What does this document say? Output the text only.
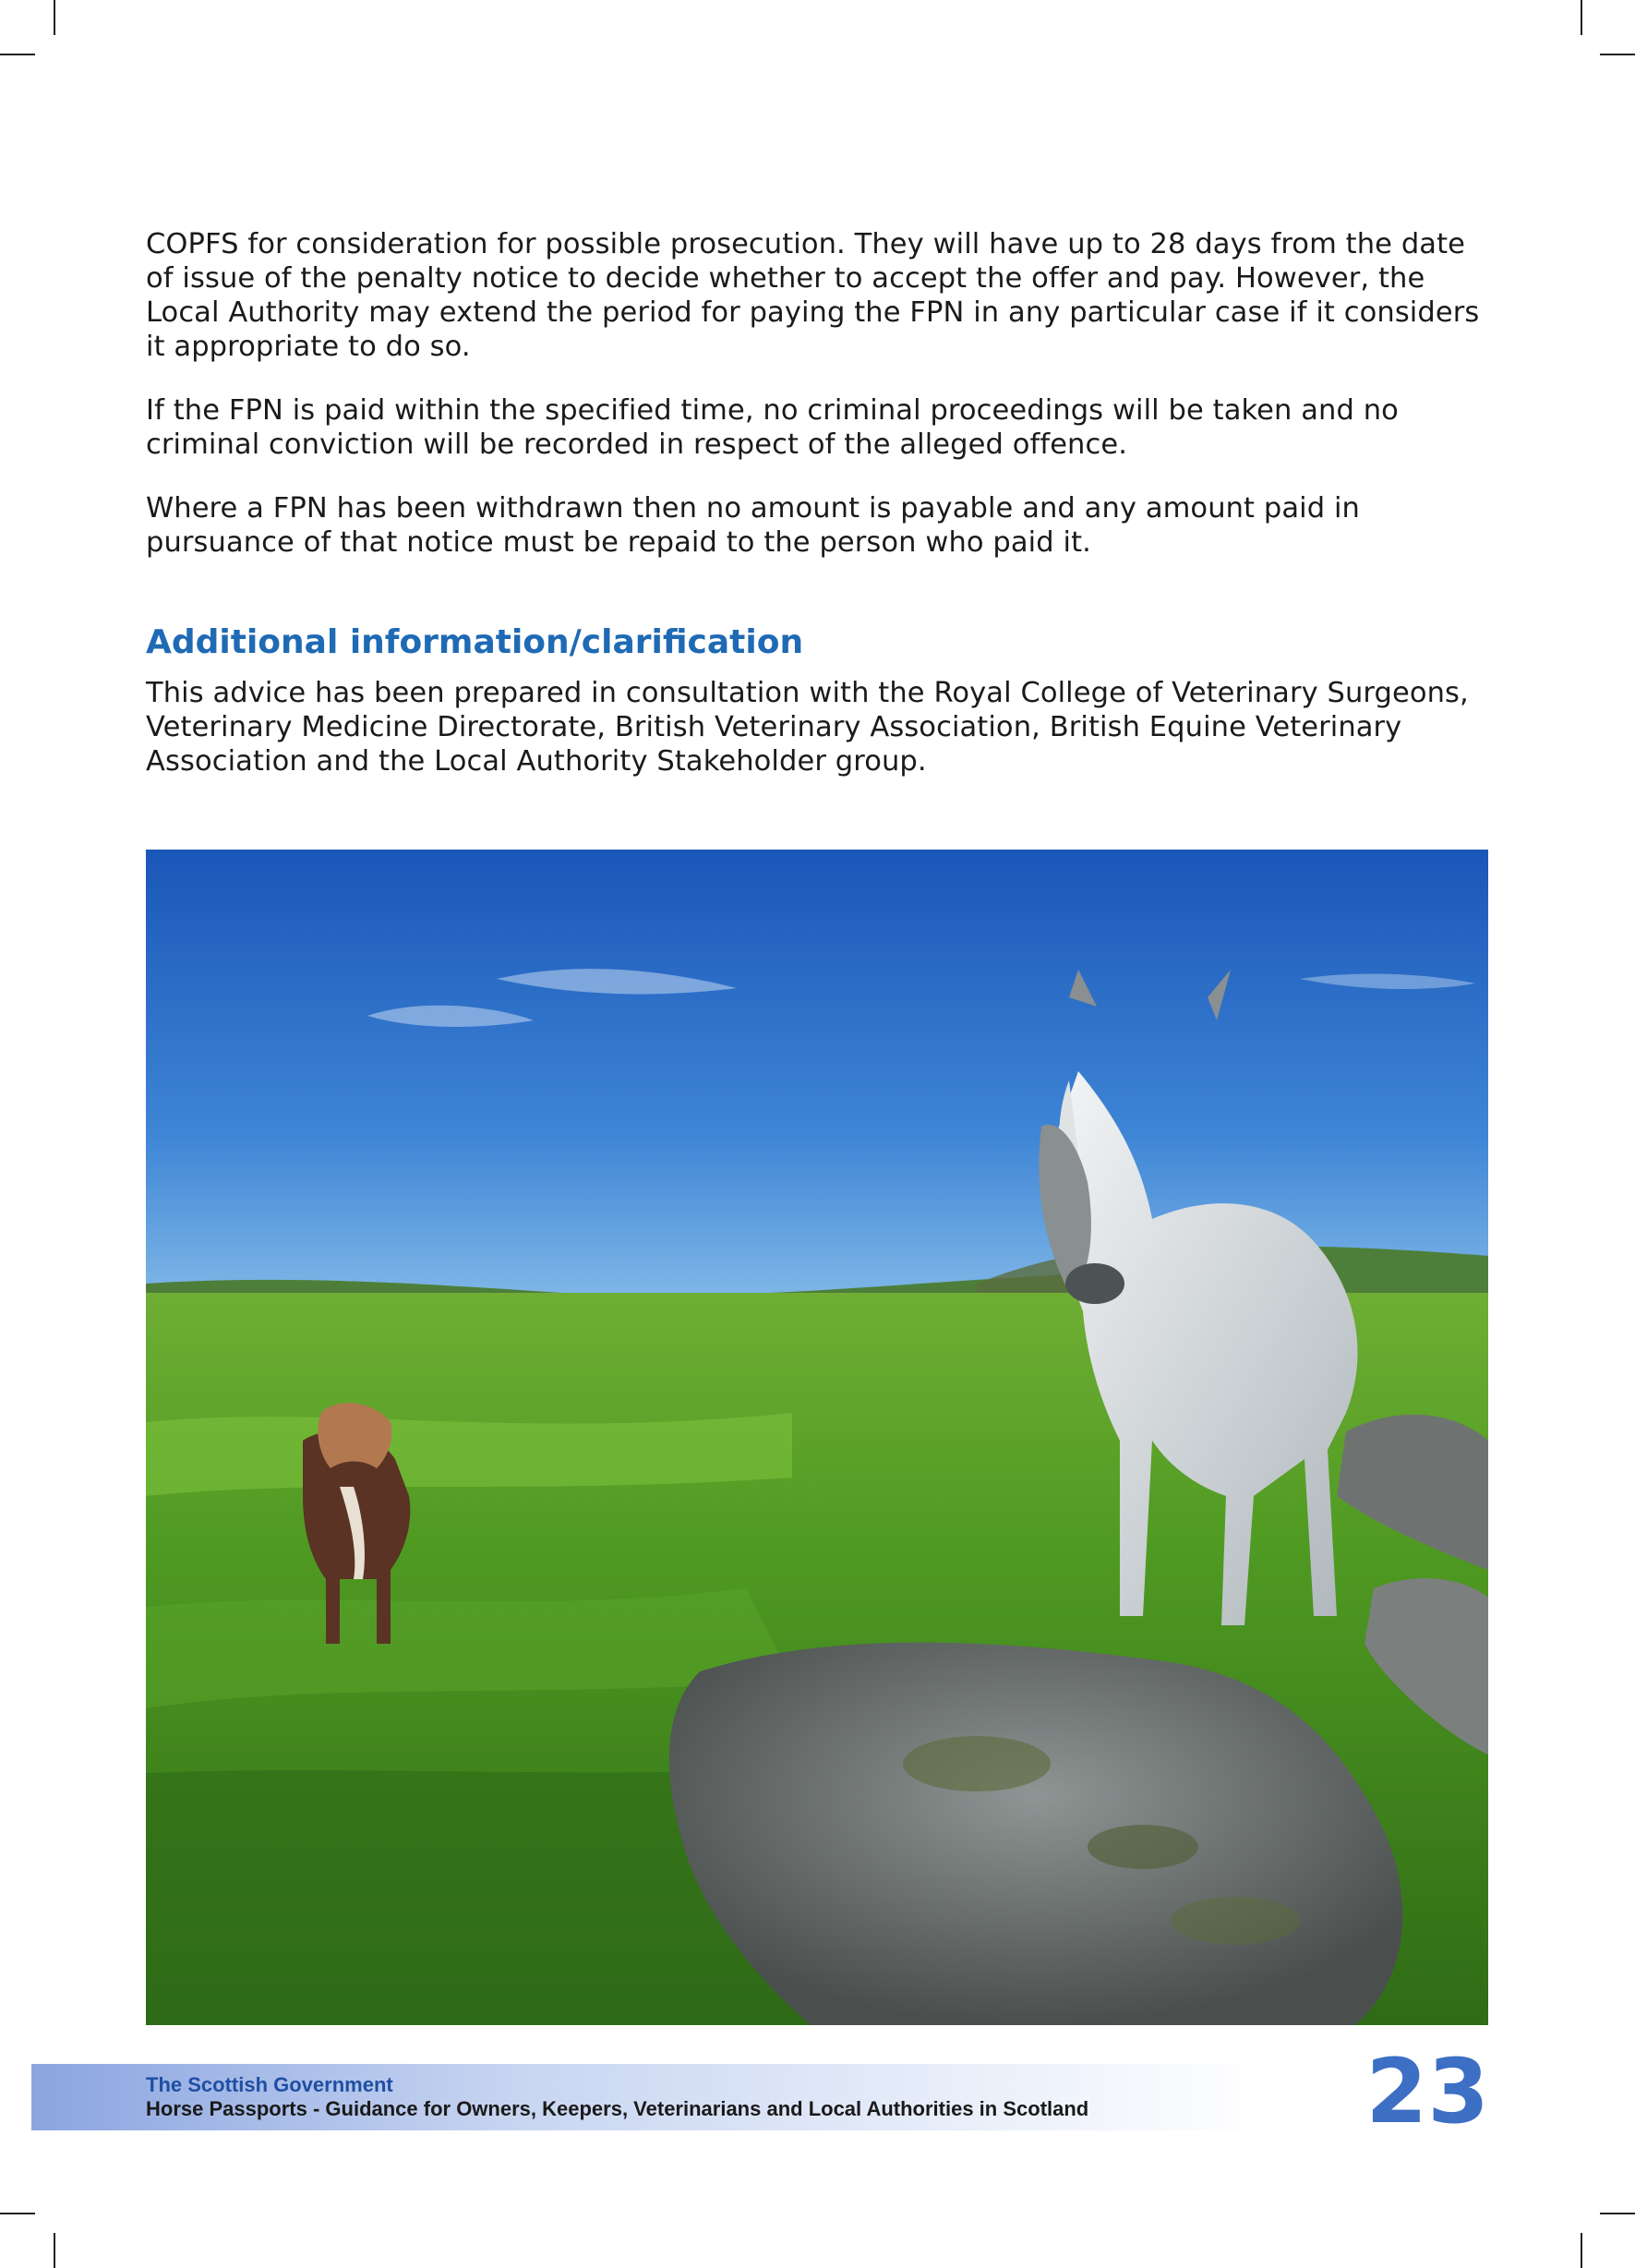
COPFS for consideration for possible prosecution. They will have up to 28 days from the date of issue of the penalty notice to decide whether to accept the offer and pay. However, the Local Authority may extend the period for paying the FPN in any particular case if it considers it appropriate to do so.

If the FPN is paid within the specified time, no criminal proceedings will be taken and no criminal conviction will be recorded in respect of the alleged offence.

Where a FPN has been withdrawn then no amount is payable and any amount paid in pursuance of that notice must be repaid to the person who paid it.

Additional information/clarification

This advice has been prepared in consultation with the Royal College of Veterinary Surgeons, Veterinary Medicine Directorate, British Veterinary Association, British Equine Veterinary Association and the Local Authority Stakeholder group.

The Scottish Government
Horse Passports - Guidance for Owners, Keepers, Veterinarians and Local Authorities in Scotland	23
